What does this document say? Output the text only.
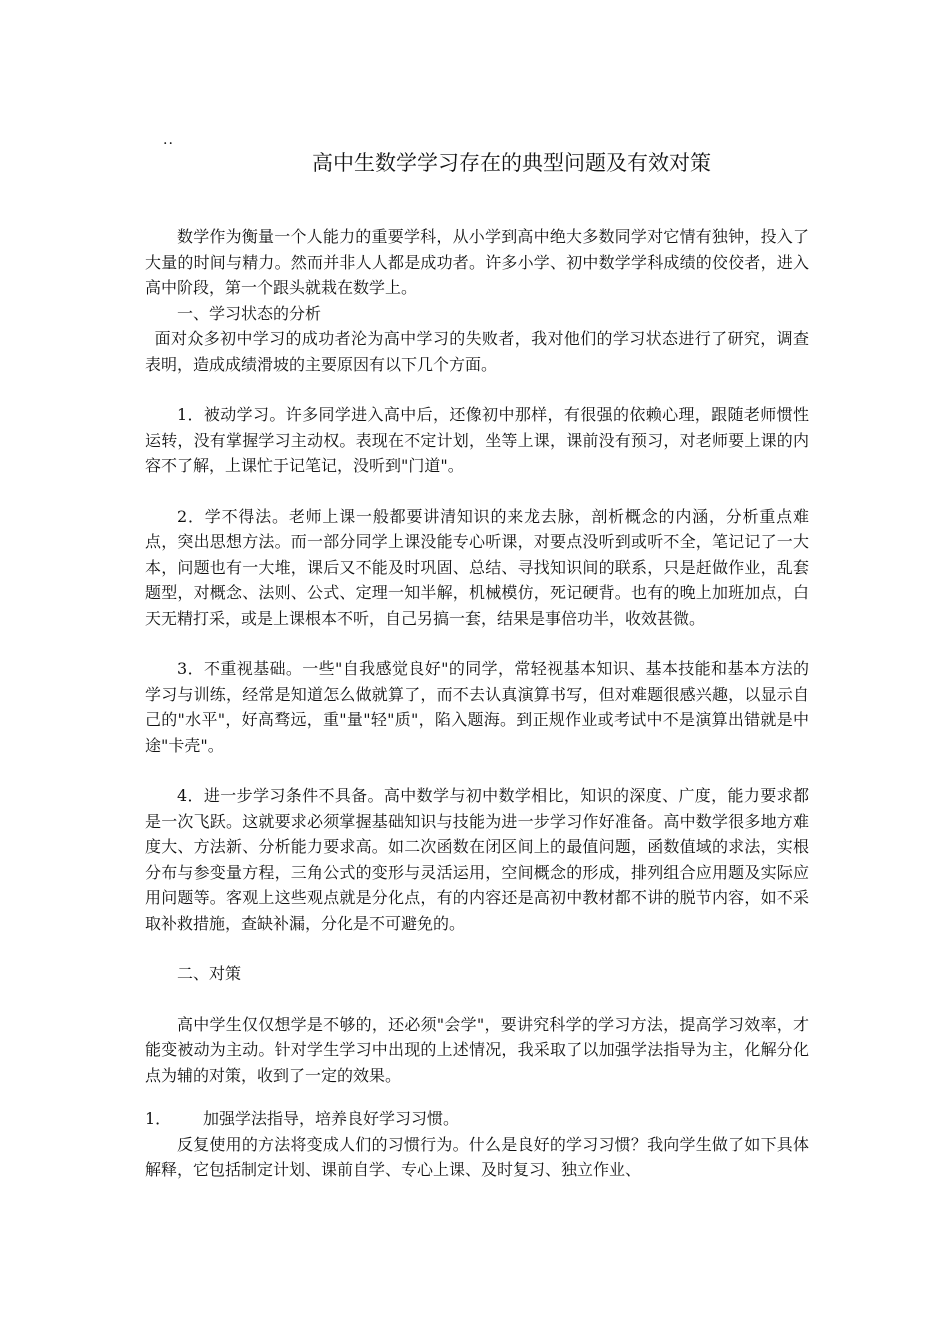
..
高中生数学学习存在的典型问题及有效对策

数学作为衡量一个人能力的重要学科，从小学到高中绝大多数同学对它情有独钟，投入了大量的时间与精力。然而并非人人都是成功者。许多小学、初中数学学科成绩的佼佼者，进入高中阶段，第一个跟头就栽在数学上。

一、学习状态的分析

面对众多初中学习的成功者沦为高中学习的失败者，我对他们的学习状态进行了研究，调查表明，造成成绩滑坡的主要原因有以下几个方面。

1．被动学习。许多同学进入高中后，还像初中那样，有很强的依赖心理，跟随老师惯性运转，没有掌握学习主动权。表现在不定计划，坐等上课，课前没有预习，对老师要上课的内容不了解，上课忙于记笔记，没听到"门道"。

2．学不得法。老师上课一般都要讲清知识的来龙去脉，剖析概念的内涵，分析重点难点，突出思想方法。而一部分同学上课没能专心听课，对要点没听到或听不全，笔记记了一大本，问题也有一大堆，课后又不能及时巩固、总结、寻找知识间的联系，只是赶做作业，乱套题型，对概念、法则、公式、定理一知半解，机械模仿，死记硬背。也有的晚上加班加点，白天无精打采，或是上课根本不听，自己另搞一套，结果是事倍功半，收效甚微。

3．不重视基础。一些"自我感觉良好"的同学，常轻视基本知识、基本技能和基本方法的学习与训练，经常是知道怎么做就算了，而不去认真演算书写，但对难题很感兴趣，以显示自己的"水平"，好高骛远，重"量"轻"质"，陷入题海。到正规作业或考试中不是演算出错就是中途"卡壳"。

4．进一步学习条件不具备。高中数学与初中数学相比，知识的深度、广度，能力要求都是一次飞跃。这就要求必须掌握基础知识与技能为进一步学习作好准备。高中数学很多地方难度大、方法新、分析能力要求高。如二次函数在闭区间上的最值问题，函数值域的求法，实根分布与参变量方程，三角公式的变形与灵活运用，空间概念的形成，排列组合应用题及实际应用问题等。客观上这些观点就是分化点，有的内容还是高初中教材都不讲的脱节内容，如不采取补救措施，查缺补漏，分化是不可避免的。

二、对策

高中学生仅仅想学是不够的，还必须"会学"，要讲究科学的学习方法，提高学习效率，才能变被动为主动。针对学生学习中出现的上述情况，我采取了以加强学法指导为主，化解分化点为辅的对策，收到了一定的效果。

1． 加强学法指导，培养良好学习习惯。

反复使用的方法将变成人们的习惯行为。什么是良好的学习习惯？我向学生做了如下具体解释，它包括制定计划、课前自学、专心上课、及时复习、独立作业、
